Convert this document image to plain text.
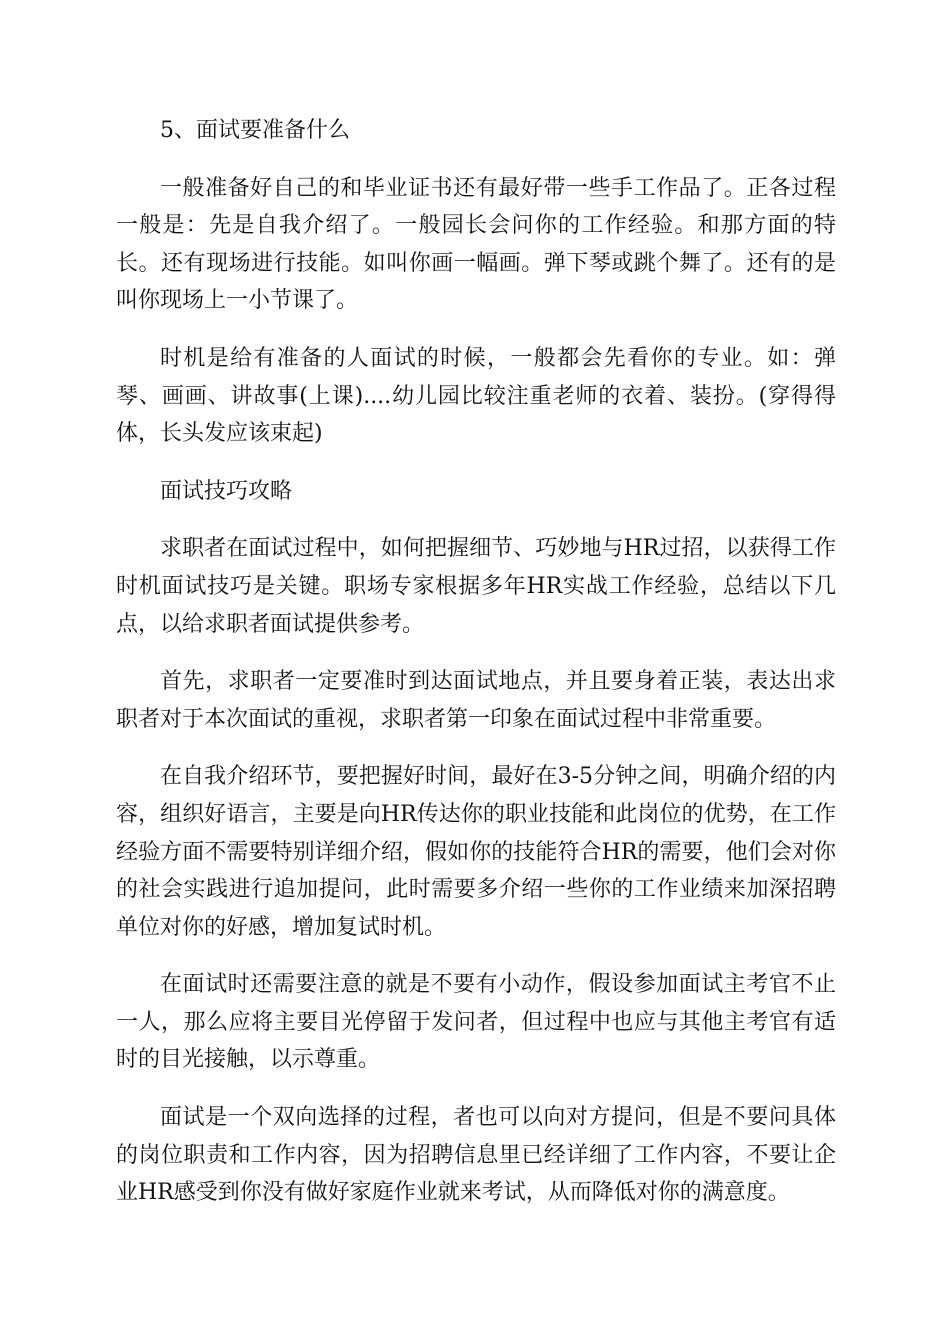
5、面试要准备什么

一般准备好自己的和毕业证书还有最好带一些手工作品了。正各过程一般是：先是自我介绍了。一般园长会问你的工作经验。和那方面的特长。还有现场进行技能。如叫你画一幅画。弹下琴或跳个舞了。还有的是叫你现场上一小节课了。

时机是给有准备的人面试的时候，一般都会先看你的专业。如：弹琴、画画、讲故事(上课)....幼儿园比较注重老师的衣着、装扮。(穿得得体，长头发应该束起)

面试技巧攻略

求职者在面试过程中，如何把握细节、巧妙地与HR过招，以获得工作时机面试技巧是关键。职场专家根据多年HR实战工作经验，总结以下几点，以给求职者面试提供参考。

首先，求职者一定要准时到达面试地点，并且要身着正装，表达出求职者对于本次面试的重视，求职者第一印象在面试过程中非常重要。

在自我介绍环节，要把握好时间，最好在3-5分钟之间，明确介绍的内容，组织好语言，主要是向HR传达你的职业技能和此岗位的优势，在工作经验方面不需要特别详细介绍，假如你的技能符合HR的需要，他们会对你的社会实践进行追加提问，此时需要多介绍一些你的工作业绩来加深招聘单位对你的好感，增加复试时机。

在面试时还需要注意的就是不要有小动作，假设参加面试主考官不止一人，那么应将主要目光停留于发问者，但过程中也应与其他主考官有适时的目光接触，以示尊重。

面试是一个双向选择的过程，者也可以向对方提问，但是不要问具体的岗位职责和工作内容，因为招聘信息里已经详细了工作内容，不要让企业HR感受到你没有做好家庭作业就来考试，从而降低对你的满意度。
